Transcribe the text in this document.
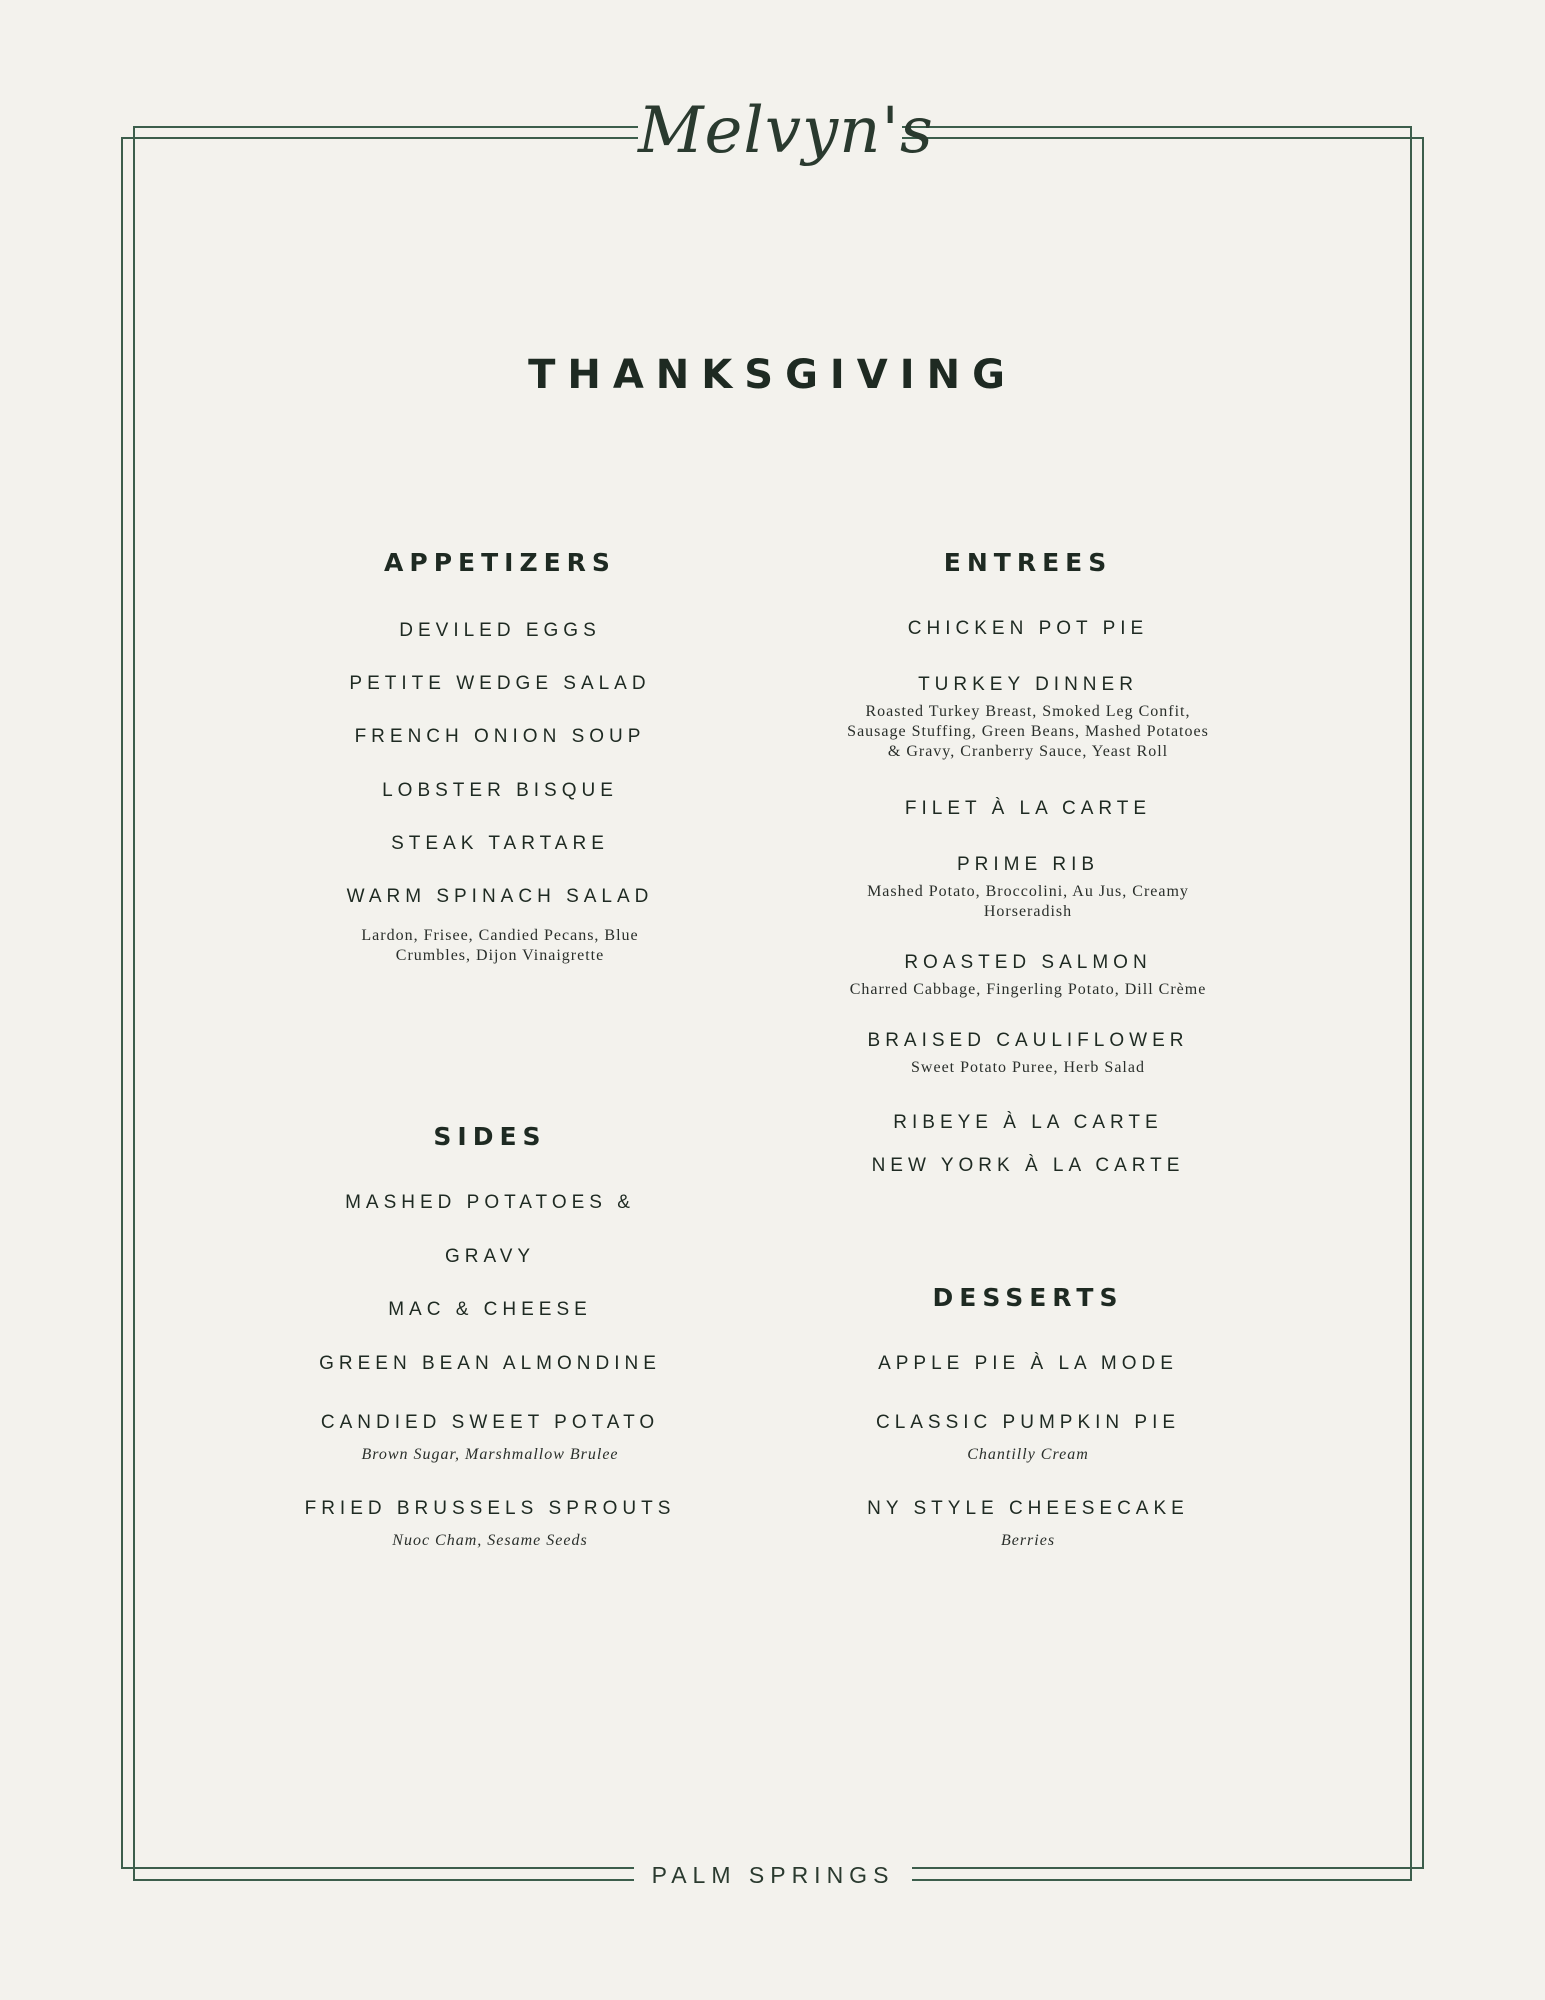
Melvyn's
THANKSGIVING
APPETIZERS
DEVILED EGGS
PETITE WEDGE SALAD
FRENCH ONION SOUP
LOBSTER BISQUE
STEAK TARTARE
WARM SPINACH SALAD
Lardon, Frisee, Candied Pecans, Blue
Crumbles, Dijon Vinaigrette
ENTREES
CHICKEN POT PIE
TURKEY DINNER
Roasted Turkey Breast, Smoked Leg Confit,
Sausage Stuffing, Green Beans, Mashed Potatoes
& Gravy, Cranberry Sauce, Yeast Roll
FILET À LA CARTE
PRIME RIB
Mashed Potato, Broccolini, Au Jus, Creamy
Horseradish
ROASTED SALMON
Charred Cabbage, Fingerling Potato, Dill Crème
BRAISED CAULIFLOWER
Sweet Potato Puree, Herb Salad
RIBEYE À LA CARTE
NEW YORK À LA CARTE
SIDES
MASHED POTATOES &
GRAVY
MAC & CHEESE
GREEN BEAN ALMONDINE
CANDIED SWEET POTATO
Brown Sugar, Marshmallow Brulee
FRIED BRUSSELS SPROUTS
Nuoc Cham, Sesame Seeds
DESSERTS
APPLE PIE À LA MODE
CLASSIC PUMPKIN PIE
Chantilly Cream
NY STYLE CHEESECAKE
Berries
PALM SPRINGS
